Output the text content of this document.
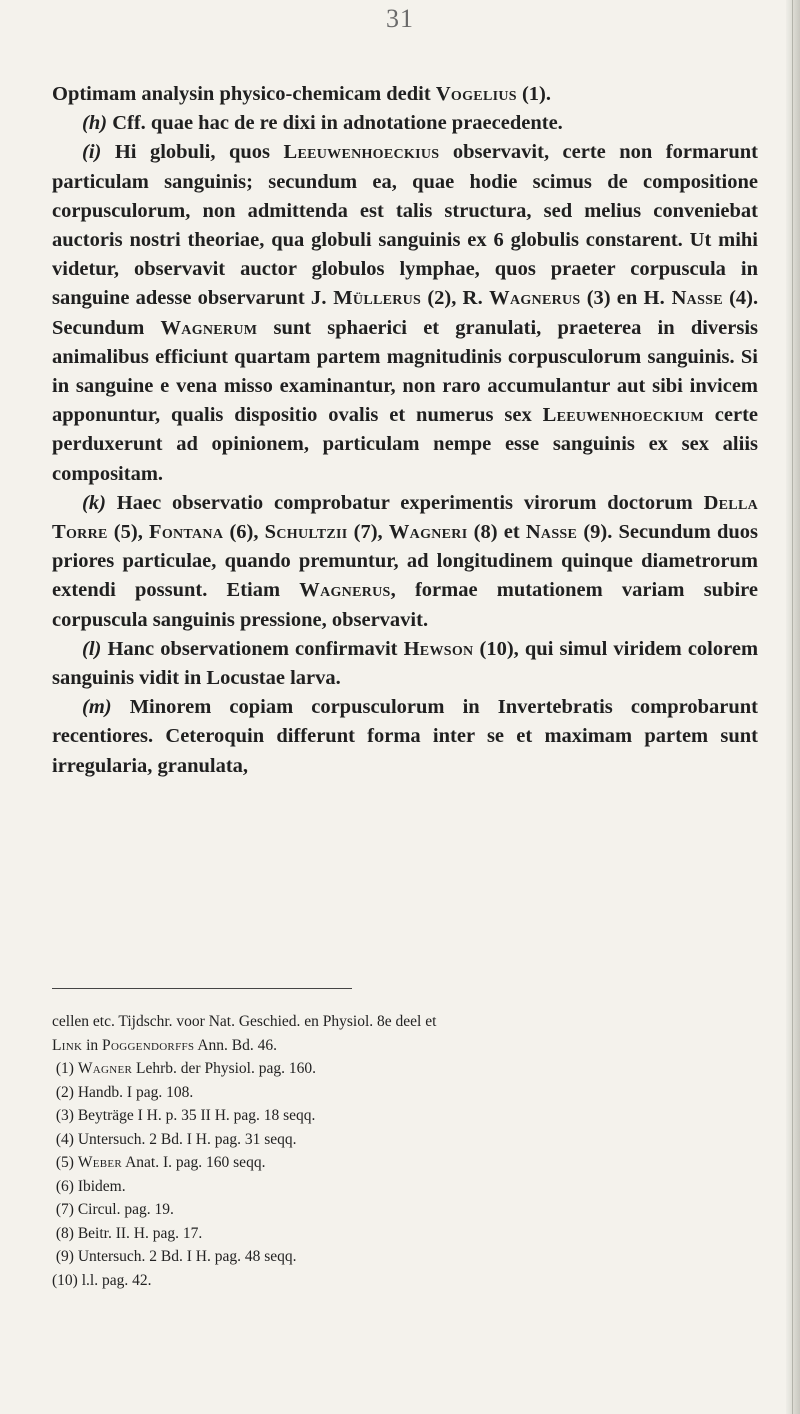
31

Optimam analysin physico-chemicam dedit Vogelius (1).

(h) Cff. quae hac de re dixi in adnotatione praecedente.

(i) Hi globuli, quos Leeuwenhoeckius observavit, certe non formarunt particulam sanguinis; secundum ea, quae hodie scimus de compositione corpusculorum, non admittenda est talis structura, sed melius conveniebat auctoris nostri theoriae, qua globuli sanguinis ex 6 globulis constarent. Ut mihi videtur, observavit auctor globulos lymphae, quos praeter corpuscula in sanguine adesse observarunt J. Müllerus (2), R. Wagnerus (3) en H. Nasse (4). Secundum Wagnerum sunt sphaerici et granulati, praeterea in diversis animalibus efficiunt quartam partem magnitudinis corpusculorum sanguinis. Si in sanguine e vena misso examinantur, non raro accumulantur aut sibi invicem apponuntur, qualis dispositio ovalis et numerus sex Leeuwenhoeckium certe perduxerunt ad opinionem, particulam nempe esse sanguinis ex sex aliis compositam.

(k) Haec observatio comprobatur experimentis virorum doctorum Della Torre (5), Fontana (6), Schultzii (7), Wagneri (8) et Nasse (9). Secundum duos priores particulae, quando premuntur, ad longitudinem quinque diametrorum extendi possunt. Etiam Wagnerus, formae mutationem variam subire corpuscula sanguinis pressione, observavit.

(l) Hanc observationem confirmavit Hewson (10), qui simul viridem colorem sanguinis vidit in Locustae larva.

(m) Minorem copiam corpusculorum in Invertebratis comprobarunt recentiores. Ceteroquin differunt forma inter se et maximam partem sunt irregularia, granulata,

cellen etc. Tijdschr. voor Nat. Geschied. en Physiol. 8e deel et
Link in Poggendorffs Ann. Bd. 46.

(1) Wagner Lehrb. der Physiol. pag. 160.

(2) Handb. I pag. 108.

(3) Beyträge I H. p. 35 II H. pag. 18 seqq.

(4) Untersuch. 2 Bd. I H. pag. 31 seqq.

(5) Weber Anat. I. pag. 160 seqq.

(6) Ibidem.

(7) Circul. pag. 19.

(8) Beitr. II. H. pag. 17.

(9) Untersuch. 2 Bd. I H. pag. 48 seqq.

(10) l.l. pag. 42.
